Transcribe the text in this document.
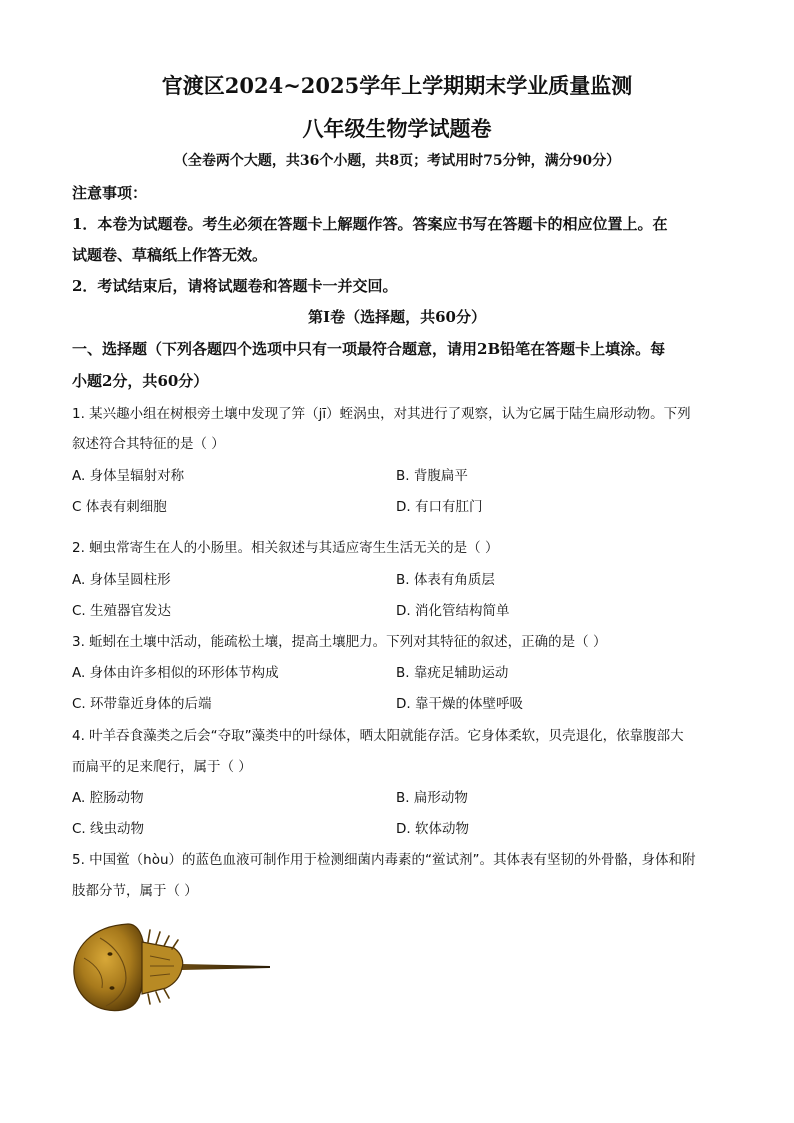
官渡区2024~2025学年上学期期末学业质量监测
八年级生物学试题卷
（全卷两个大题，共36个小题，共8页；考试用时75分钟，满分90分）
注意事项：
1．本卷为试题卷。考生必须在答题卡上解题作答。答案应书写在答题卡的相应位置上。在
试题卷、草稿纸上作答无效。
2．考试结束后，请将试题卷和答题卡一并交回。
第Ⅰ卷（选择题，共60分）
一、选择题（下列各题四个选项中只有一项最符合题意，请用2B铅笔在答题卡上填涂。每
小题2分，共60分）
1. 某兴趣小组在树根旁土壤中发现了笄（jī）蛭涡虫，对其进行了观察，认为它属于陆生扁形动物。下列
叙述符合其特征的是（ ）
A. 身体呈辐射对称	B. 背腹扁平
C 体表有刺细胞	D. 有口有肛门
2. 蛔虫常寄生在人的小肠里。相关叙述与其适应寄生生活无关的是（ ）
A. 身体呈圆柱形	B. 体表有角质层
C. 生殖器官发达	D. 消化管结构简单
3. 蚯蚓在土壤中活动，能疏松土壤，提高土壤肥力。下列对其特征的叙述，正确的是（ ）
A. 身体由许多相似的环形体节构成	B. 靠疣足辅助运动
C. 环带靠近身体的后端	D. 靠干燥的体壁呼吸
4. 叶羊吞食藻类之后会“夺取”藻类中的叶绿体，晒太阳就能存活。它身体柔软，贝壳退化，依靠腹部大
而扁平的足来爬行，属于（ ）
A. 腔肠动物	B. 扁形动物
C. 线虫动物	D. 软体动物
5. 中国鲎（hòu）的蓝色血液可制作用于检测细菌内毒素的“鲎试剂”。其体表有坚韧的外骨骼，身体和附
肢都分节，属于（ ）
